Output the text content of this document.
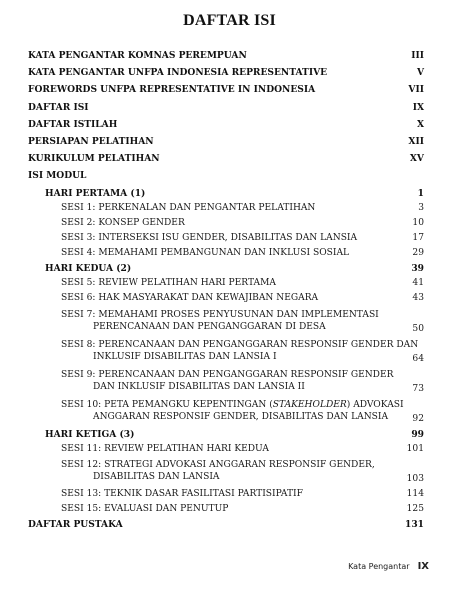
DAFTAR ISI
KATA PENGANTAR KOMNAS PEREMPUAN	III
KATA PENGANTAR UNFPA INDONESIA REPRESENTATIVE	V
FOREWORDS UNFPA REPRESENTATIVE IN INDONESIA	VII
DAFTAR ISI	IX
DAFTAR ISTILAH	X
PERSIAPAN PELATIHAN	XII
KURIKULUM PELATIHAN	XV
ISI MODUL
HARI PERTAMA (1)	1
SESI 1: PERKENALAN DAN PENGANTAR PELATIHAN	3
SESI 2: KONSEP GENDER	10
SESI 3: INTERSEKSI ISU GENDER, DISABILITAS DAN LANSIA	17
SESI 4: MEMAHAMI PEMBANGUNAN DAN INKLUSI SOSIAL	29
HARI KEDUA (2)	39
SESI 5: REVIEW PELATIHAN HARI PERTAMA	41
SESI 6: HAK MASYARAKAT DAN KEWAJIBAN NEGARA	43
SESI 7: MEMAHAMI PROSES PENYUSUNAN DAN IMPLEMENTASI
PERENCANAAN DAN PENGANGGARAN DI DESA	50
SESI 8: PERENCANAAN DAN PENGANGGARAN RESPONSIF GENDER DAN
INKLUSIF DISABILITAS DAN LANSIA I	64
SESI 9: PERENCANAAN DAN PENGANGGARAN RESPONSIF GENDER
DAN INKLUSIF DISABILITAS DAN LANSIA II	73
SESI 10: PETA PEMANGKU KEPENTINGAN (STAKEHOLDER) ADVOKASI
ANGGARAN RESPONSIF GENDER, DISABILITAS DAN LANSIA	92
HARI KETIGA (3)	99
SESI 11: REVIEW PELATIHAN HARI KEDUA	101
SESI 12: STRATEGI ADVOKASI ANGGARAN RESPONSIF GENDER,
DISABILITAS DAN LANSIA	103
SESI 13: TEKNIK DASAR FASILITASI PARTISIPATIF	114
SESI 15: EVALUASI DAN PENUTUP	125
DAFTAR PUSTAKA	131
Kata Pengantar IX
